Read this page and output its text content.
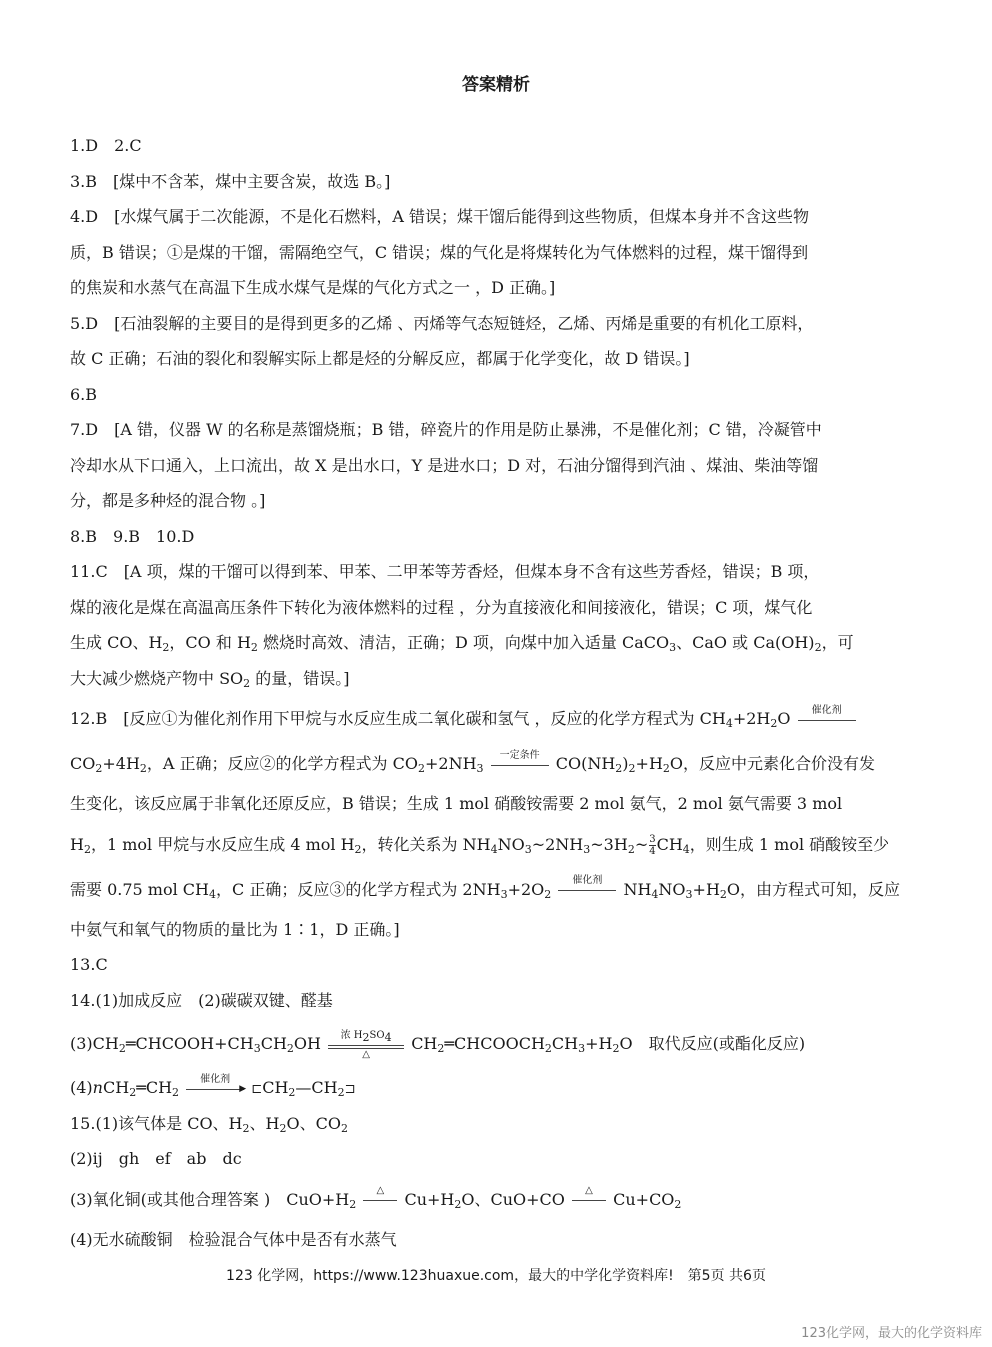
答案精析
1.D　2.C
3.B　[煤中不含苯，煤中主要含炭，故选 B。]
4.D　[水煤气属于二次能源，不是化石燃料，A 错误；煤干馏后能得到这些物质，但煤本身并不含这些物
质，B 错误；①是煤的干馏，需隔绝空气，C 错误；煤的气化是将煤转化为气体燃料的过程，煤干馏得到
的焦炭和水蒸气在高温下生成水煤气是煤的气化方式之一 ，D 正确。]
5.D　[石油裂解的主要目的是得到更多的乙烯 、丙烯等气态短链烃，乙烯、丙烯是重要的有机化工原料，
故 C 正确；石油的裂化和裂解实际上都是烃的分解反应，都属于化学变化，故 D 错误。]
6.B
7.D　[A 错，仪器 W 的名称是蒸馏烧瓶；B 错，碎瓷片的作用是防止暴沸，不是催化剂；C 错，冷凝管中
冷却水从下口通入，上口流出，故 X 是出水口，Y 是进水口；D 对，石油分馏得到汽油 、煤油、柴油等馏
分，都是多种烃的混合物 。]
8.B　9.B　10.D
11.C　[A 项，煤的干馏可以得到苯、甲苯、二甲苯等芳香烃，但煤本身不含有这些芳香烃，错误；B 项，
煤的液化是煤在高温高压条件下转化为液体燃料的过程 ，分为直接液化和间接液化，错误；C 项，煤气化
生成 CO、$H_2$，CO 和 $H_2$ 燃烧时高效、清洁，正确；D 项，向煤中加入适量 CaCO$_3$、CaO 或 $Ca(OH)_2$，可
大大减少燃烧产物中 $SO_2$ 的量，错误。]
12.B　[反应①为催化剂作用下甲烷与水反应生成二氧化碳和氢气 ，反应的化学方程式为 $CH_4+2H_2O$	催化剂
$CO_2+4H_2$，A 正确；反应②的化学方程式为 $CO_2+2NH_3$
一定条件	$CO(NH_2)_2+H_2O$，反应中元素化合价没有发
生变化，该反应属于非氧化还原反应，B 错误；生成 1 mol 硝酸铵需要 2 mol 氨气，2 mol 氨气需要 3 mol
$H_2$，1 mol 甲烷与水反应生成 4 mol $H_2$，转化关系为 $NH_4NO_3\sim 2NH_3\sim 3H_2\sim \frac{3}{4} CH_4$，则生成 1 mol 硝酸铵至少
需要 0.75 mol $CH_4$，C 正确；反应③的化学方程式为 $2NH_3+2O_2$
催化剂	$NH_4NO_3+H_2O$，由方程式可知，反应
中氨气和氧气的物质的量比为 1∶1，D 正确。]
13.C
14.(1)加成反应　(2)碳碳双键、醛基
$(3)CH_2═CHCOOH+CH_3CH_2OH$	浓 $H_2SO_4$
△
$CH_2═CHCOOCH_2CH_3+H_2O$　取代反应(或酯化反应)
$(4)nCH_2═CH_2$
催化剂
▶ $⊏CH_2—CH_2⊐$
15.(1)该气体是 CO、$H_2$、$H_2O$、$CO_2$
(2)ij　gh　ef　ab　dc
(3)氧化铜(或其他合理答案 )　$CuO+H_2$
△	$Cu+H_2O$、CuO+CO	△	$Cu+CO_2$
(4)无水硫酸铜　检验混合气体中是否有水蒸气
123 化学网，https://www.123huaxue.com，最大的中学化学资料库!　第5页 共6页
123化学网，最大的化学资料库
